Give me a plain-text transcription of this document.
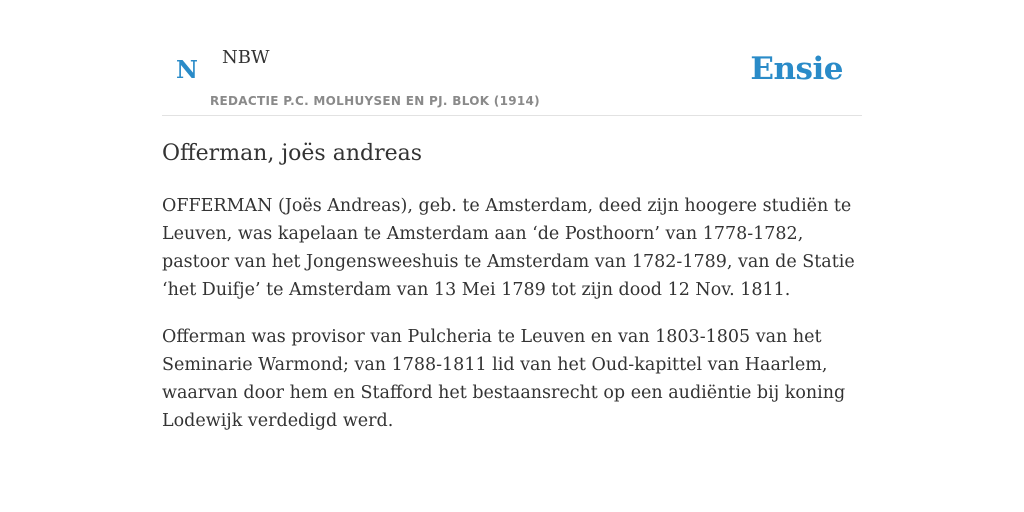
N NBW
REDACTIE P.C. MOLHUYSEN EN PJ. BLOK (1914)
Ensie
Offerman, joës andreas

OFFERMAN (Joës Andreas), geb. te Amsterdam, deed zijn hoogere studiën te Leuven, was kapelaan te Amsterdam aan ‘de Posthoorn’ van 1778-1782, pastoor van het Jongensweeshuis te Amsterdam van 1782-1789, van de Statie ‘het Duifje’ te Amsterdam van 13 Mei 1789 tot zijn dood 12 Nov. 1811.

Offerman was provisor van Pulcheria te Leuven en van 1803-1805 van het Seminarie Warmond; van 1788-1811 lid van het Oud-kapittel van Haarlem, waarvan door hem en Stafford het bestaansrecht op een audiëntie bij koning Lodewijk verdedigd werd.
